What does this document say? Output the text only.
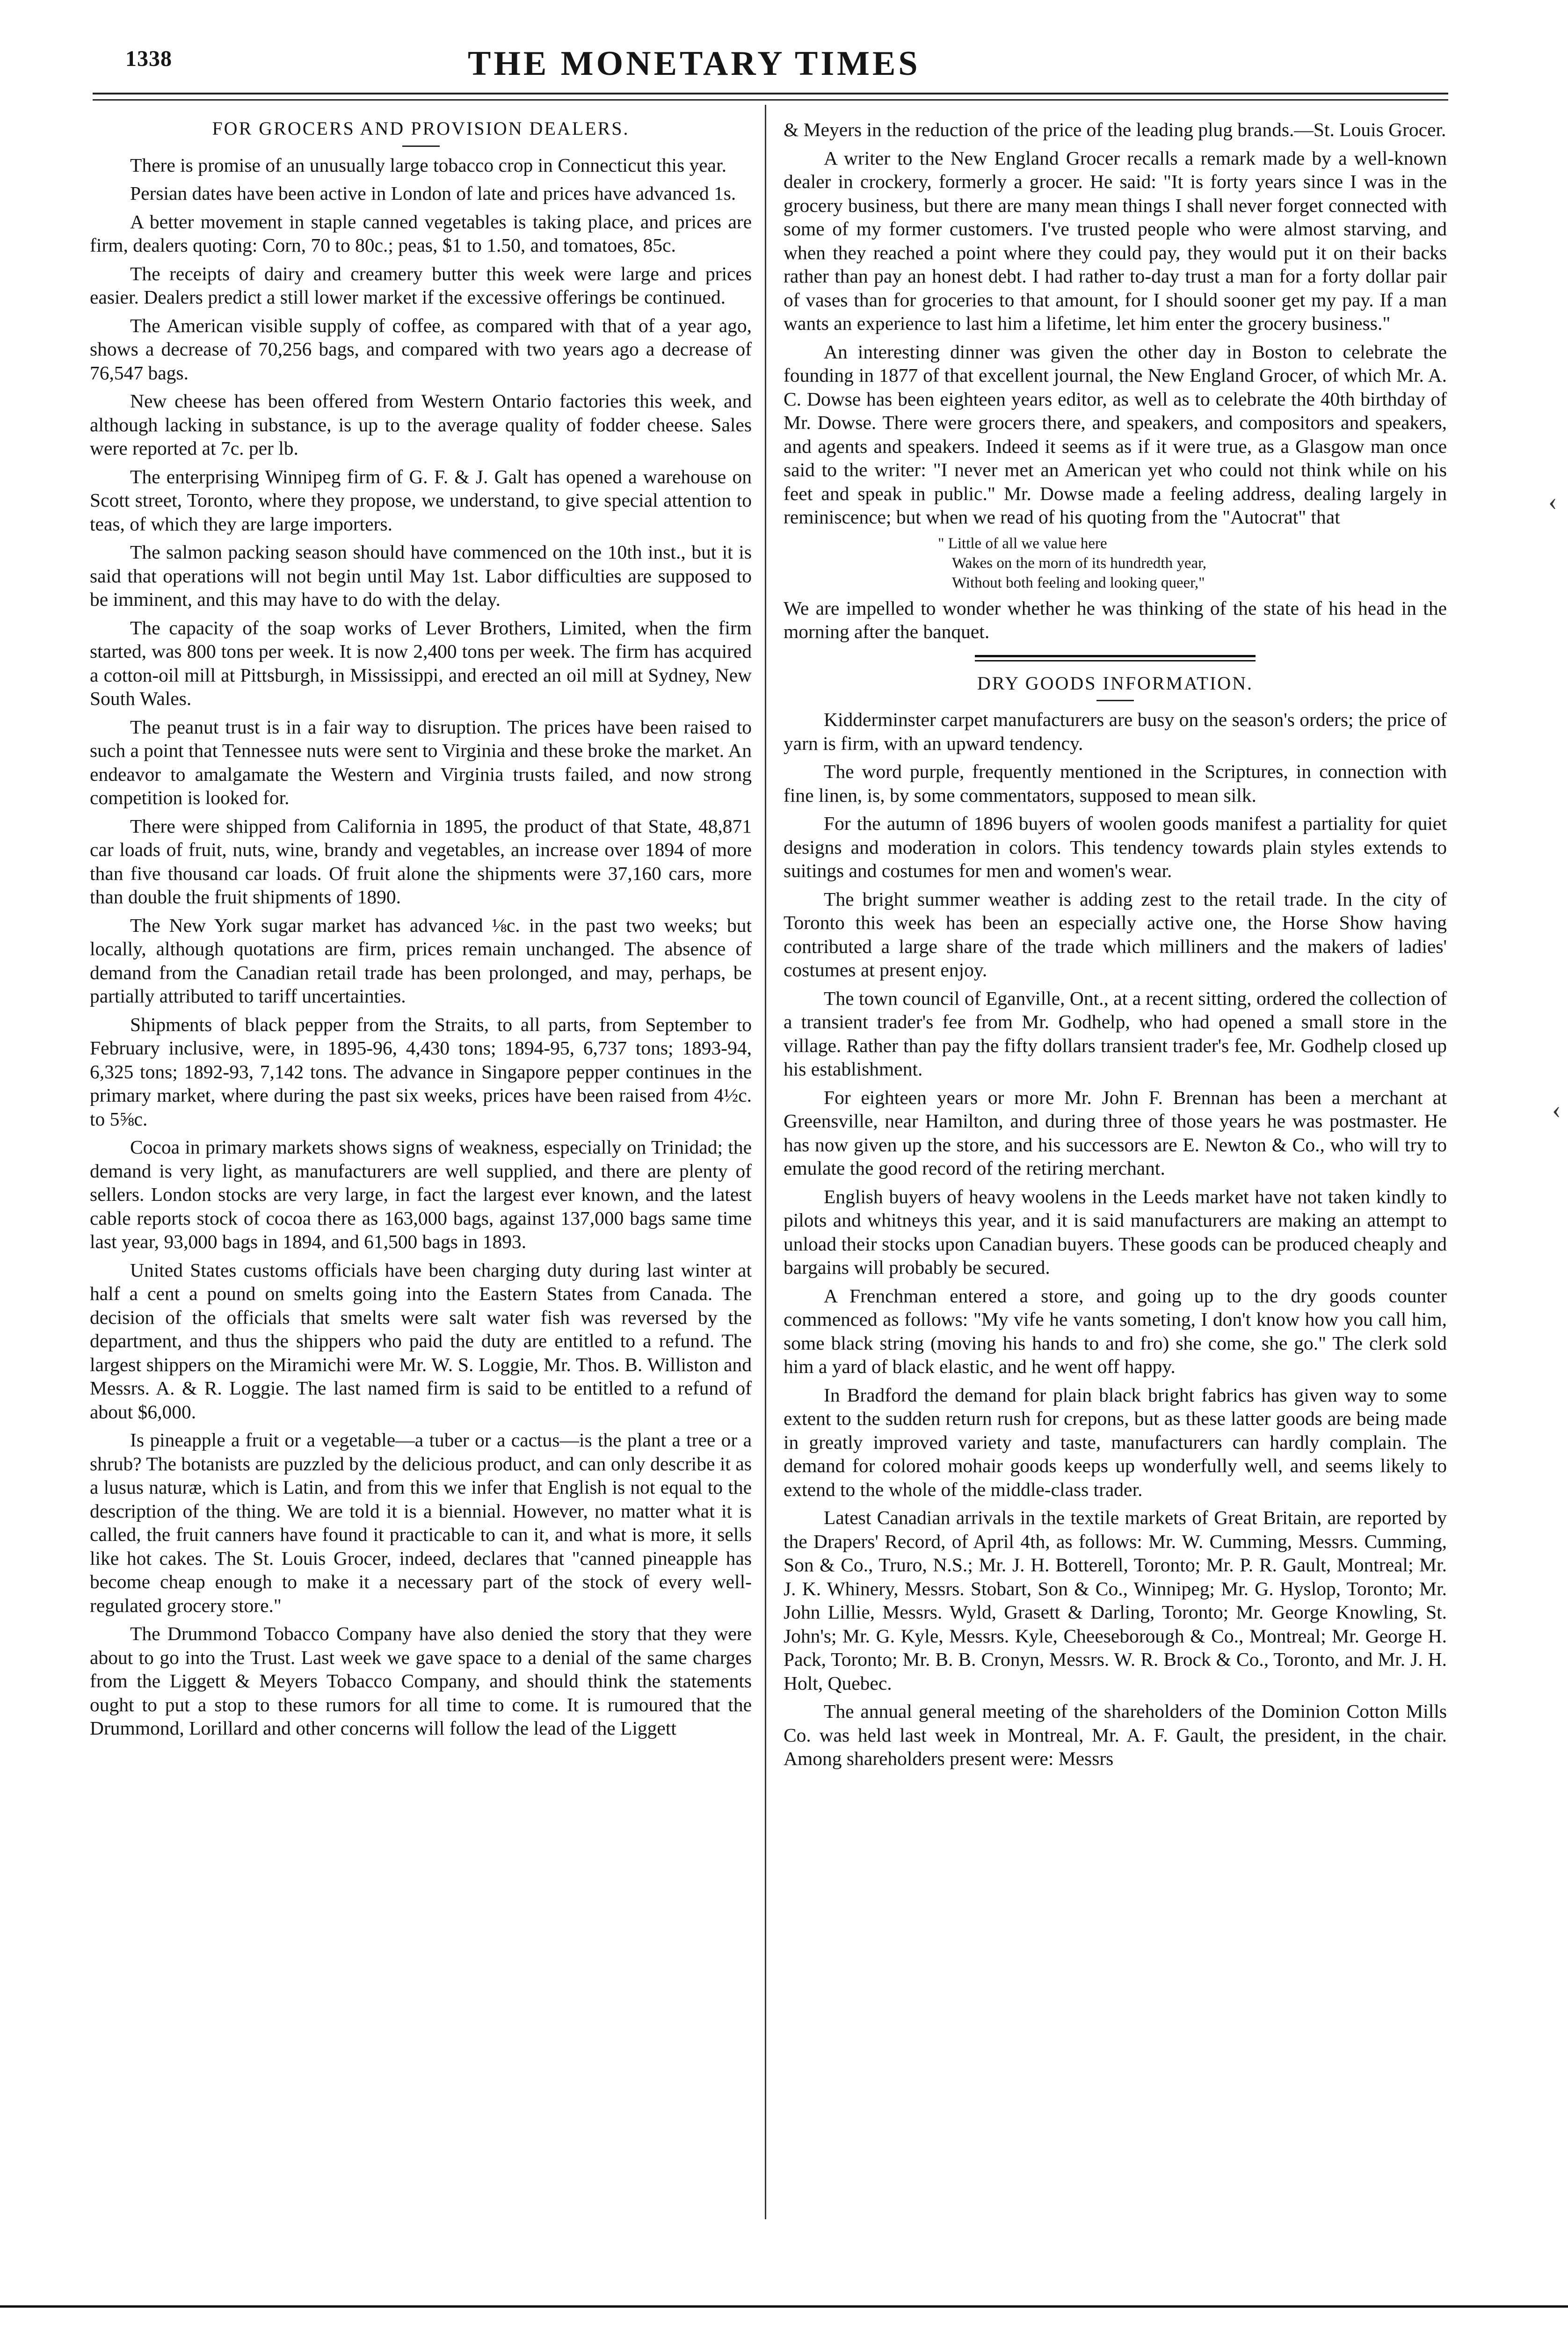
1338	THE MONETARY TIMES
FOR GROCERS AND PROVISION DEALERS.

There is promise of an unusually large tobacco crop in Connecticut this year.

Persian dates have been active in London of late and prices have advanced 1s.

A better movement in staple canned vegetables is taking place, and prices are firm, dealers quoting: Corn, 70 to 80c.; peas, $1 to 1.50, and tomatoes, 85c.

The receipts of dairy and creamery butter this week were large and prices easier. Dealers predict a still lower market if the excessive offerings be continued.

The American visible supply of coffee, as compared with that of a year ago, shows a decrease of 70,256 bags, and compared with two years ago a decrease of 76,547 bags.

New cheese has been offered from Western Ontario factories this week, and although lacking in substance, is up to the average quality of fodder cheese. Sales were reported at 7c. per lb.

The enterprising Winnipeg firm of G. F. & J. Galt has opened a warehouse on Scott street, Toronto, where they propose, we understand, to give special attention to teas, of which they are large importers.

The salmon packing season should have commenced on the 10th inst., but it is said that operations will not begin until May 1st. Labor difficulties are supposed to be imminent, and this may have to do with the delay.

The capacity of the soap works of Lever Brothers, Limited, when the firm started, was 800 tons per week. It is now 2,400 tons per week. The firm has acquired a cotton-oil mill at Pittsburgh, in Mississippi, and erected an oil mill at Sydney, New South Wales.

The peanut trust is in a fair way to disruption. The prices have been raised to such a point that Tennessee nuts were sent to Virginia and these broke the market. An endeavor to amalgamate the Western and Virginia trusts failed, and now strong competition is looked for.

There were shipped from California in 1895, the product of that State, 48,871 car loads of fruit, nuts, wine, brandy and vegetables, an increase over 1894 of more than five thousand car loads. Of fruit alone the shipments were 37,160 cars, more than double the fruit shipments of 1890.

The New York sugar market has advanced ⅛c. in the past two weeks; but locally, although quotations are firm, prices remain unchanged. The absence of demand from the Canadian retail trade has been prolonged, and may, perhaps, be partially attributed to tariff uncertainties.

Shipments of black pepper from the Straits, to all parts, from September to February inclusive, were, in 1895-96, 4,430 tons; 1894-95, 6,737 tons; 1893-94, 6,325 tons; 1892-93, 7,142 tons. The advance in Singapore pepper continues in the primary market, where during the past six weeks, prices have been raised from 4½c. to 5⅝c.

Cocoa in primary markets shows signs of weakness, especially on Trinidad; the demand is very light, as manufacturers are well supplied, and there are plenty of sellers. London stocks are very large, in fact the largest ever known, and the latest cable reports stock of cocoa there as 163,000 bags, against 137,000 bags same time last year, 93,000 bags in 1894, and 61,500 bags in 1893.

United States customs officials have been charging duty during last winter at half a cent a pound on smelts going into the Eastern States from Canada. The decision of the officials that smelts were salt water fish was reversed by the department, and thus the shippers who paid the duty are entitled to a refund. The largest shippers on the Miramichi were Mr. W. S. Loggie, Mr. Thos. B. Williston and Messrs. A. & R. Loggie. The last named firm is said to be entitled to a refund of about $6,000.

Is pineapple a fruit or a vegetable—a tuber or a cactus—is the plant a tree or a shrub? The botanists are puzzled by the delicious product, and can only describe it as a lusus naturæ, which is Latin, and from this we infer that English is not equal to the description of the thing. We are told it is a biennial. However, no matter what it is called, the fruit canners have found it practicable to can it, and what is more, it sells like hot cakes. The St. Louis Grocer, indeed, declares that "canned pineapple has become cheap enough to make it a necessary part of the stock of every well-regulated grocery store."

The Drummond Tobacco Company have also denied the story that they were about to go into the Trust. Last week we gave space to a denial of the same charges from the Liggett & Meyers Tobacco Company, and should think the statements ought to put a stop to these rumors for all time to come. It is rumoured that the Drummond, Lorillard and other concerns will follow the lead of the Liggett

& Meyers in the reduction of the price of the leading plug brands.—St. Louis Grocer.

A writer to the New England Grocer recalls a remark made by a well-known dealer in crockery, formerly a grocer. He said: "It is forty years since I was in the grocery business, but there are many mean things I shall never forget connected with some of my former customers. I've trusted people who were almost starving, and when they reached a point where they could pay, they would put it on their backs rather than pay an honest debt. I had rather to-day trust a man for a forty dollar pair of vases than for groceries to that amount, for I should sooner get my pay. If a man wants an experience to last him a lifetime, let him enter the grocery business."

An interesting dinner was given the other day in Boston to celebrate the founding in 1877 of that excellent journal, the New England Grocer, of which Mr. A. C. Dowse has been eighteen years editor, as well as to celebrate the 40th birthday of Mr. Dowse. There were grocers there, and speakers, and compositors and speakers, and agents and speakers. Indeed it seems as if it were true, as a Glasgow man once said to the writer: "I never met an American yet who could not think while on his feet and speak in public." Mr. Dowse made a feeling address, dealing largely in reminiscence; but when we read of his quoting from the "Autocrat" that

" Little of all we value here
Wakes on the morn of its hundredth year,
Without both feeling and looking queer,"

We are impelled to wonder whether he was thinking of the state of his head in the morning after the banquet.

DRY GOODS INFORMATION.

Kidderminster carpet manufacturers are busy on the season's orders; the price of yarn is firm, with an upward tendency.

The word purple, frequently mentioned in the Scriptures, in connection with fine linen, is, by some commentators, supposed to mean silk.

For the autumn of 1896 buyers of woolen goods manifest a partiality for quiet designs and moderation in colors. This tendency towards plain styles extends to suitings and costumes for men and women's wear.

The bright summer weather is adding zest to the retail trade. In the city of Toronto this week has been an especially active one, the Horse Show having contributed a large share of the trade which milliners and the makers of ladies' costumes at present enjoy.

The town council of Eganville, Ont., at a recent sitting, ordered the collection of a transient trader's fee from Mr. Godhelp, who had opened a small store in the village. Rather than pay the fifty dollars transient trader's fee, Mr. Godhelp closed up his establishment.

For eighteen years or more Mr. John F. Brennan has been a merchant at Greensville, near Hamilton, and during three of those years he was postmaster. He has now given up the store, and his successors are E. Newton & Co., who will try to emulate the good record of the retiring merchant.

English buyers of heavy woolens in the Leeds market have not taken kindly to pilots and whitneys this year, and it is said manufacturers are making an attempt to unload their stocks upon Canadian buyers. These goods can be produced cheaply and bargains will probably be secured.

A Frenchman entered a store, and going up to the dry goods counter commenced as follows: "My vife he vants someting, I don't know how you call him, some black string (moving his hands to and fro) she come, she go." The clerk sold him a yard of black elastic, and he went off happy.

In Bradford the demand for plain black bright fabrics has given way to some extent to the sudden return rush for crepons, but as these latter goods are being made in greatly improved variety and taste, manufacturers can hardly complain. The demand for colored mohair goods keeps up wonderfully well, and seems likely to extend to the whole of the middle-class trader.

Latest Canadian arrivals in the textile markets of Great Britain, are reported by the Drapers' Record, of April 4th, as follows: Mr. W. Cumming, Messrs. Cumming, Son & Co., Truro, N.S.; Mr. J. H. Botterell, Toronto; Mr. P. R. Gault, Montreal; Mr. J. K. Whinery, Messrs. Stobart, Son & Co., Winnipeg; Mr. G. Hyslop, Toronto; Mr. John Lillie, Messrs. Wyld, Grasett & Darling, Toronto; Mr. George Knowling, St. John's; Mr. G. Kyle, Messrs. Kyle, Cheeseborough & Co., Montreal; Mr. George H. Pack, Toronto; Mr. B. B. Cronyn, Messrs. W. R. Brock & Co., Toronto, and Mr. J. H. Holt, Quebec.

The annual general meeting of the shareholders of the Dominion Cotton Mills Co. was held last week in Montreal, Mr. A. F. Gault, the president, in the chair. Among shareholders present were: Messrs

‹
‹
